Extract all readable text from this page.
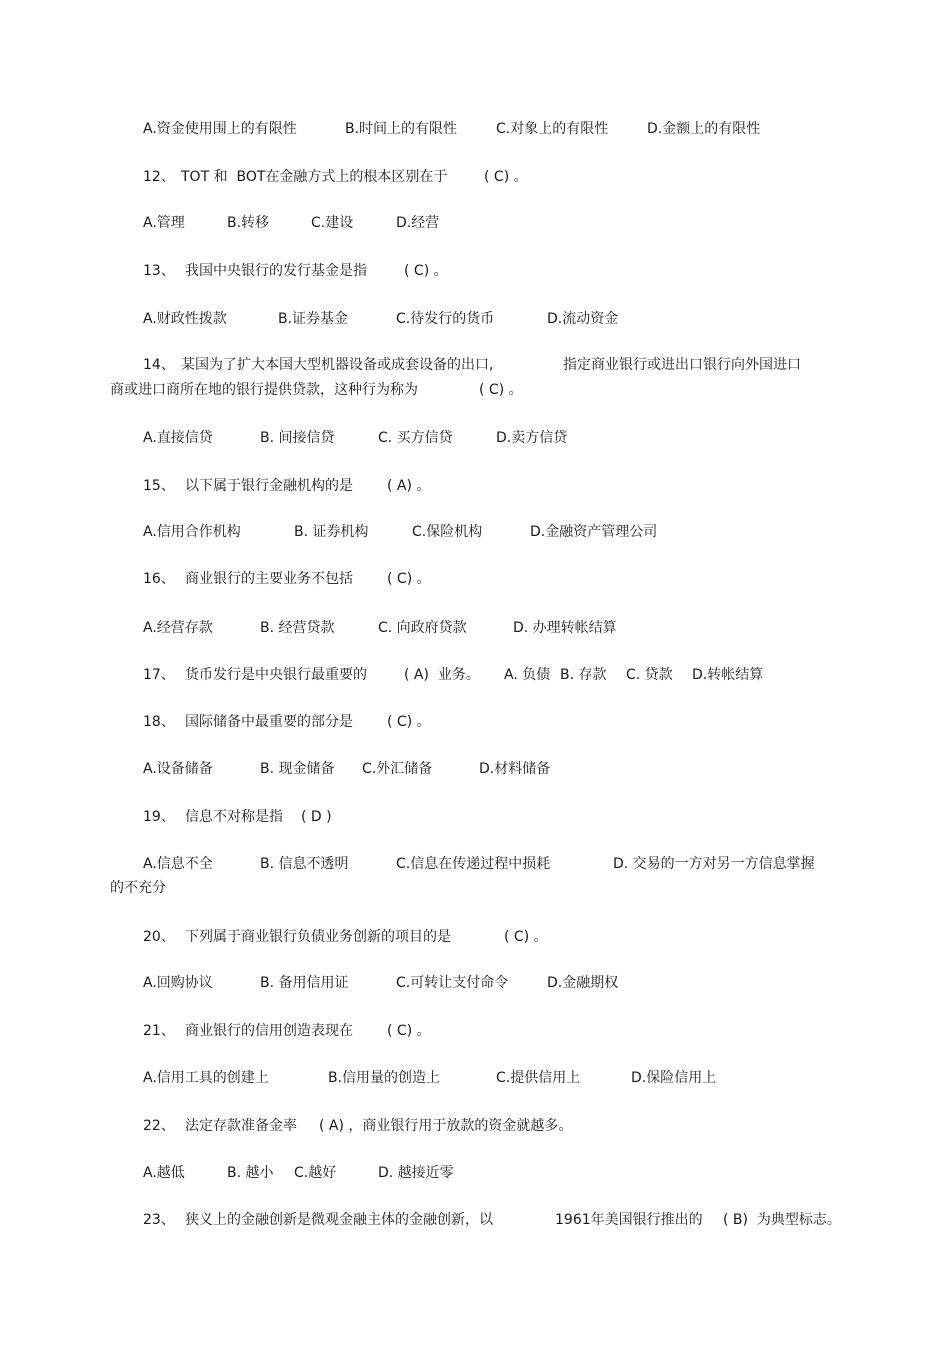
A.资金使用围上的有限性

	B.时间上的有限性

	C.对象上的有限性

	D.金额上的有限性

12、

TOT 和  BOT在金融方式上的根本区别在于

	( C) 。

A.管理

	B.转移

	C.建设

	D.经营

13、

我国中央银行的发行基金是指

	( C) 。

A.财政性拨款

	B.证券基金

	C.待发行的货币

	D.流动资金

14、

某国为了扩大本国大型机器设备或成套设备的出口,

	指定商业银行或进出口银行向外国进口

商或进口商所在地的银行提供贷款，这种行为称为

	( C) 。

A.直接信贷

	B. 间接信贷

	C. 买方信贷

	D.卖方信贷

15、

以下属于银行金融机构的是

( A) 。

A.信用合作机构

	B. 证券机构

	C.保险机构

	D.金融资产管理公司

16、

商业银行的主要业务不包括

( C) 。

A.经营存款

	B. 经营贷款

	C. 向政府贷款

	D. 办理转帐结算

17、

货币发行是中央银行最重要的

	( A)  业务。

A. 负债

B. 存款

C. 贷款

D.转帐结算

18、

国际储备中最重要的部分是

( C) 。

A.设备储备

	B. 现金储备

C.外汇储备

	D.材料储备

19、

信息不对称是指

( D )

A.信息不全

	B. 信息不透明

	C.信息在传递过程中损耗

	D. 交易的一方对另一方信息掌握

的不充分

20、

下列属于商业银行负债业务创新的项目的是

	( C) 。

A.回购协议

	B. 备用信用证

	C.可转让支付命令

	D.金融期权

21、

商业银行的信用创造表现在

( C) 。

A.信用工具的创建上

	B.信用量的创造上

	C.提供信用上

	D.保险信用上

22、

法定存款准备金率

( A) ，商业银行用于放款的资金就越多。

A.越低

	B. 越小

C.越好

	D. 越接近零

23、

狭义上的金融创新是微观金融主体的金融创新，以

	1961年美国银行推出的

( B)  为典型标志。
